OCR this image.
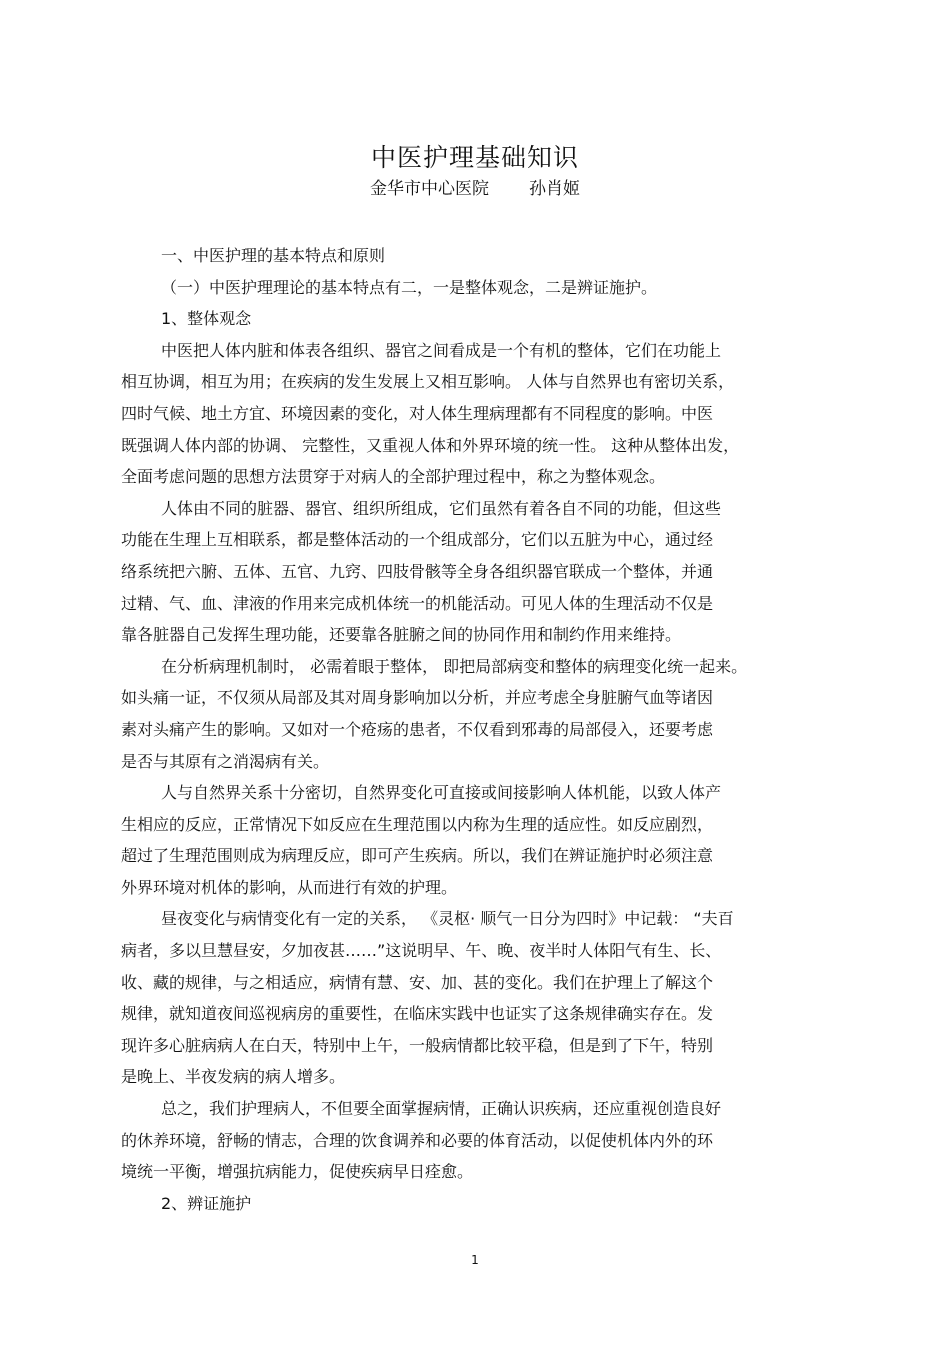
中医护理基础知识
金华市中心医院 孙肖姬
一、中医护理的基本特点和原则
（一）中医护理理论的基本特点有二，一是整体观念，二是辨证施护。
1、整体观念
中医把人体内脏和体表各组织、器官之间看成是一个有机的整体，它们在功能上
相互协调，相互为用；在疾病的发生发展上又相互影响。 人体与自然界也有密切关系，
四时气候、地土方宜、环境因素的变化，对人体生理病理都有不同程度的影响。中医
既强调人体内部的协调、 完整性，又重视人体和外界环境的统一性。 这种从整体出发，
全面考虑问题的思想方法贯穿于对病人的全部护理过程中，称之为整体观念。
人体由不同的脏器、器官、组织所组成，它们虽然有着各自不同的功能，但这些
功能在生理上互相联系，都是整体活动的一个组成部分，它们以五脏为中心，通过经
络系统把六腑、五体、五官、九窍、四肢骨骸等全身各组织器官联成一个整体，并通
过精、气、血、津液的作用来完成机体统一的机能活动。可见人体的生理活动不仅是
靠各脏器自己发挥生理功能，还要靠各脏腑之间的协同作用和制约作用来维持。
在分析病理机制时， 必需着眼于整体， 即把局部病变和整体的病理变化统一起来。
如头痛一证，不仅须从局部及其对周身影响加以分析，并应考虑全身脏腑气血等诸因
素对头痛产生的影响。又如对一个疮疡的患者，不仅看到邪毒的局部侵入，还要考虑
是否与其原有之消渴病有关。
人与自然界关系十分密切，自然界变化可直接或间接影响人体机能，以致人体产
生相应的反应，正常情况下如反应在生理范围以内称为生理的适应性。如反应剧烈，
超过了生理范围则成为病理反应，即可产生疾病。所以，我们在辨证施护时必须注意
外界环境对机体的影响，从而进行有效的护理。
昼夜变化与病情变化有一定的关系， 《灵枢· 顺气一日分为四时》中记载： “夫百
病者，多以旦慧昼安，夕加夜甚……”这说明早、午、晚、夜半时人体阳气有生、长、
收、藏的规律，与之相适应，病情有慧、安、加、甚的变化。我们在护理上了解这个
规律，就知道夜间巡视病房的重要性，在临床实践中也证实了这条规律确实存在。发
现许多心脏病病人在白天，特别中上午，一般病情都比较平稳，但是到了下午，特别
是晚上、半夜发病的病人增多。
总之，我们护理病人，不但要全面掌握病情，正确认识疾病，还应重视创造良好
的休养环境，舒畅的情志，合理的饮食调养和必要的体育活动，以促使机体内外的环
境统一平衡，增强抗病能力，促使疾病早日痊愈。
2、辨证施护
1
